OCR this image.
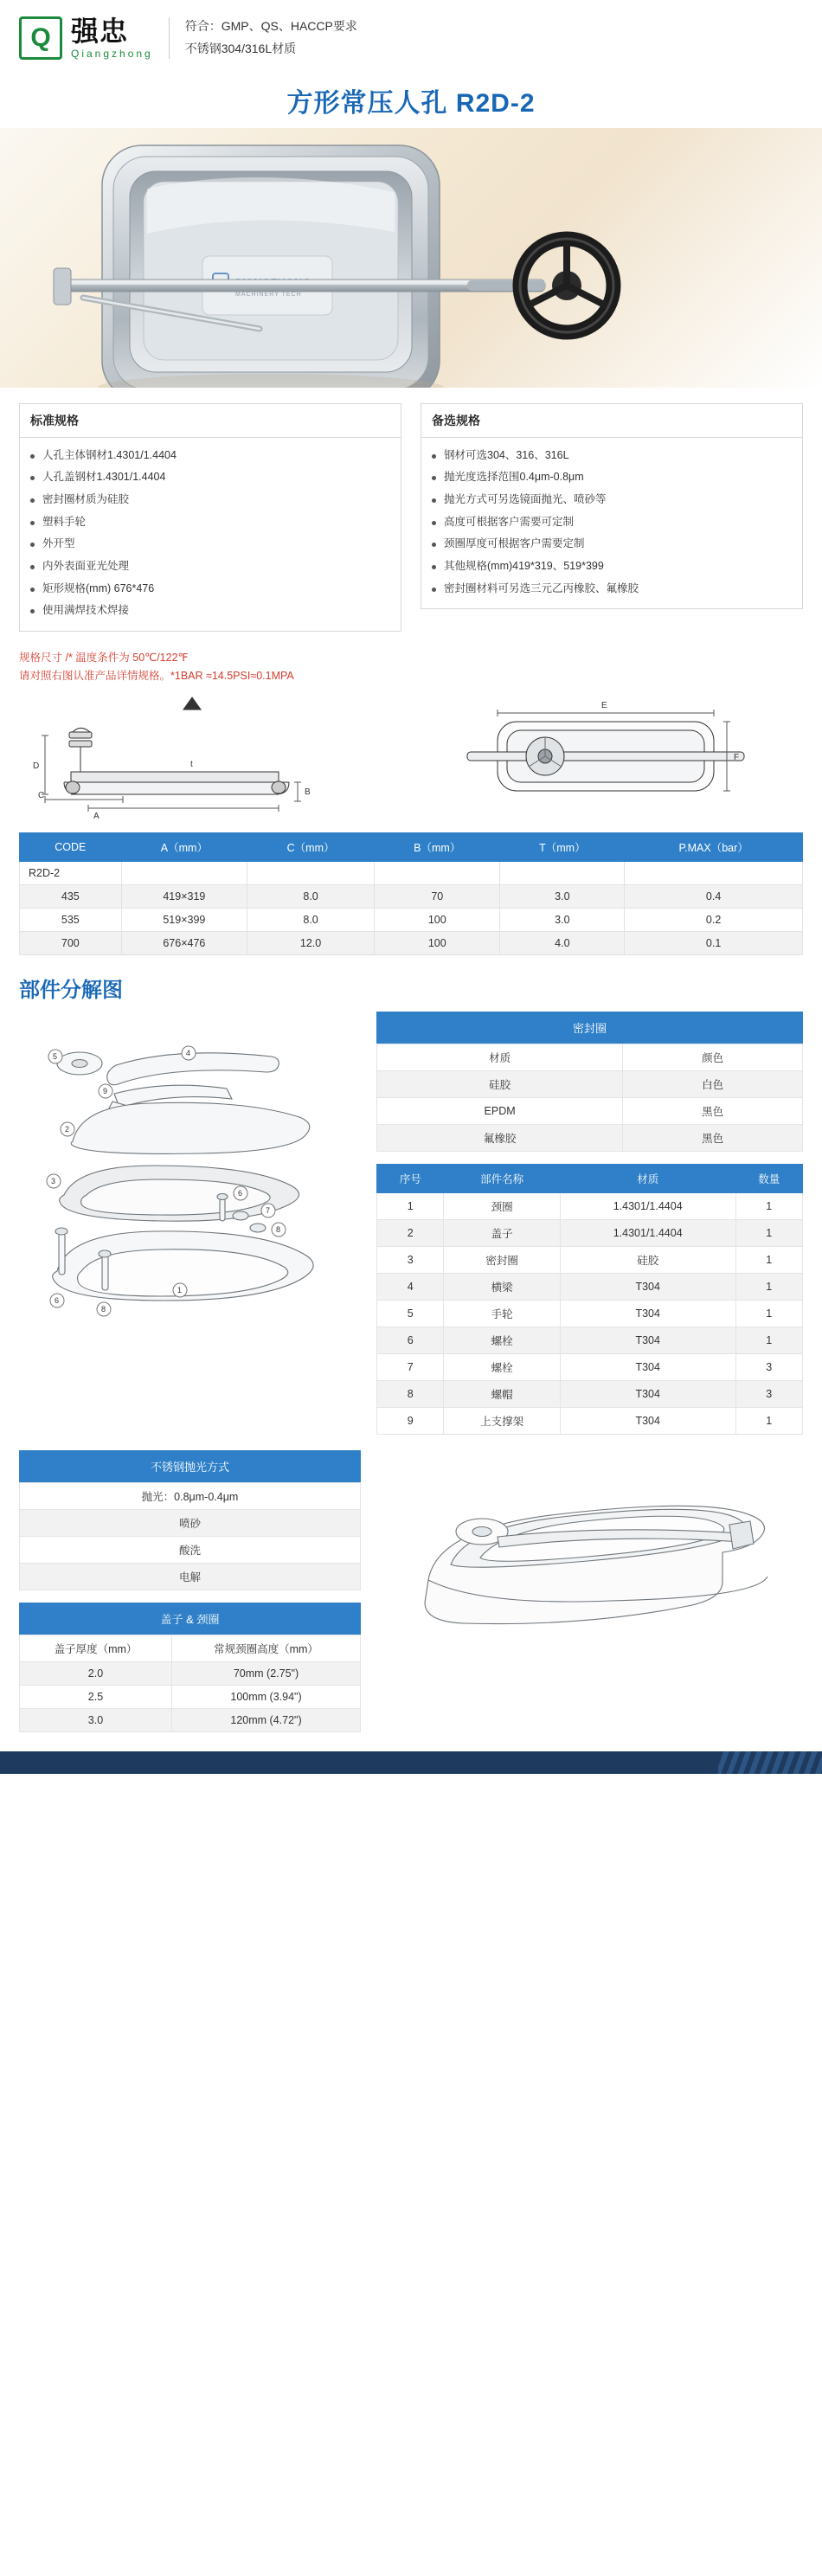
Q 强忠
Qiangzhong
符合：GMP、QS、HACCP要求
不锈钢304/316L材质
方形常压人孔 R2D-2
MACHINERY TECH
标准规格
人孔主体钢材1.4301/1.4404
人孔盖钢材1.4301/1.4404
密封圈材质为硅胶
塑料手轮
外开型
内外表面亚光处理
矩形规格(mm) 676*476
使用满焊技术焊接
备选规格
钢材可选304、316、316L
抛光度选择范围0.4μm-0.8μm
抛光方式可另选镜面抛光、喷砂等
高度可根据客户需要可定制
颈圈厚度可根据客户需要定制
其他规格(mm)419*319、519*399
密封圈材料可另选三元乙丙橡胶、氟橡胶
规格尺寸 /* 温度条件为 50℃/122℉
请对照右图认准产品详情规格。*1BAR ≈14.5PSI≈0.1MPA
D
C
A
B
t
E
F
CODE	A（mm）	C（mm）	B（mm）	T（mm）	P.MAX（bar）
R2D-2					
435	419×319	8.0	70	3.0	0.4
535	519×399	8.0	100	3.0	0.2
700	676×476	12.0	100	4.0	0.1
部件分解图
5	4
9
2
3
6
7
8
1
6
8
密封圈
材质	颜色
硅胶	白色
EPDM	黑色
氟橡胶	黑色
序号	部件名称	材质	数量
1	颈圈	1.4301/1.4404	1
2	盖子	1.4301/1.4404	1
3	密封圈	硅胶	1
4	横梁	T304	1
5	手轮	T304	1
6	螺栓	T304	1
7	螺栓	T304	3
8	螺帽	T304	3
9	上支撑架	T304	1
不锈钢抛光方式
抛光：0.8μm-0.4μm
喷砂
酸洗
电解
盖子 & 颈圈
盖子厚度（mm）	常规颈圈高度（mm）
2.0	70mm (2.75")
2.5	100mm (3.94")
3.0	120mm (4.72")
